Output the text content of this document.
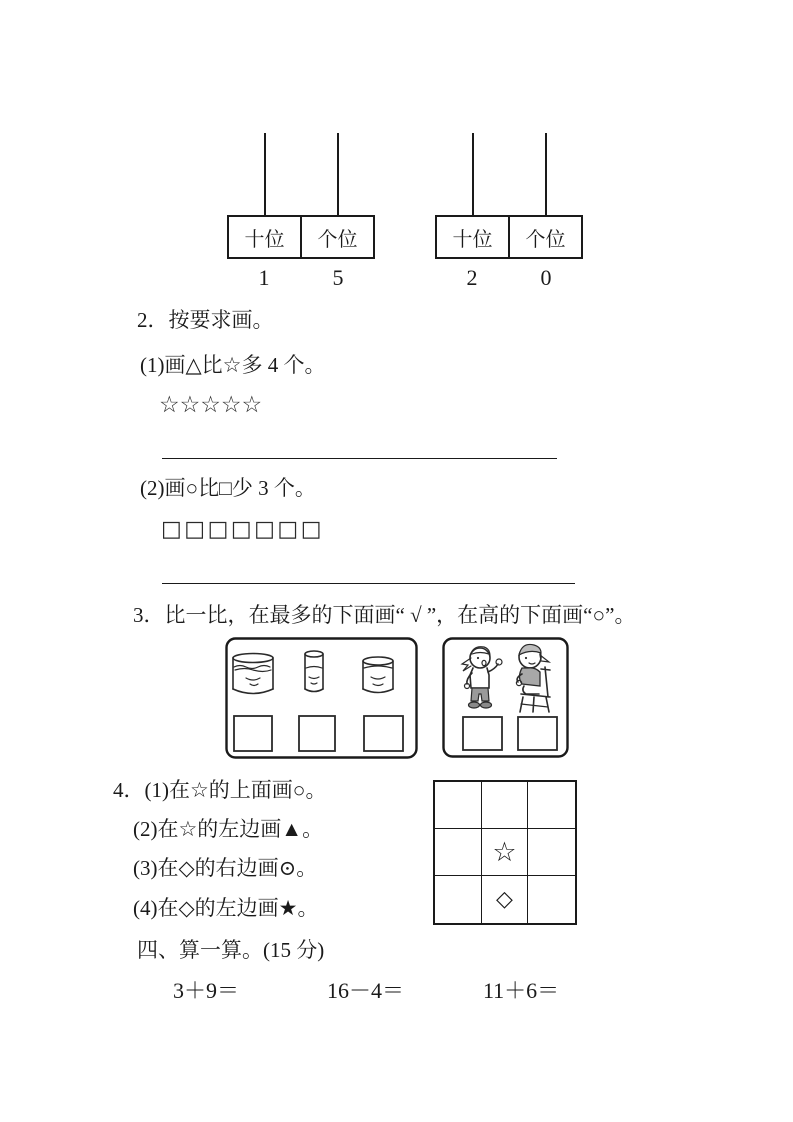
十位	个位
1	5
十位	个位
2	0
2．按要求画。
(1)画△比☆多 4 个。
☆☆☆☆☆
(2)画○比□少 3 个。
□□□□□□□
3．比一比，在最多的下面画“ √ ”，在高的下面画“○”。
4．(1)在☆的上面画○。
(2)在☆的左边画▲。
(3)在◇的右边画⊙。
(4)在◇的左边画★。
☆
◇
四、算一算。(15 分)
3＋9＝	16－4＝	11＋6＝
